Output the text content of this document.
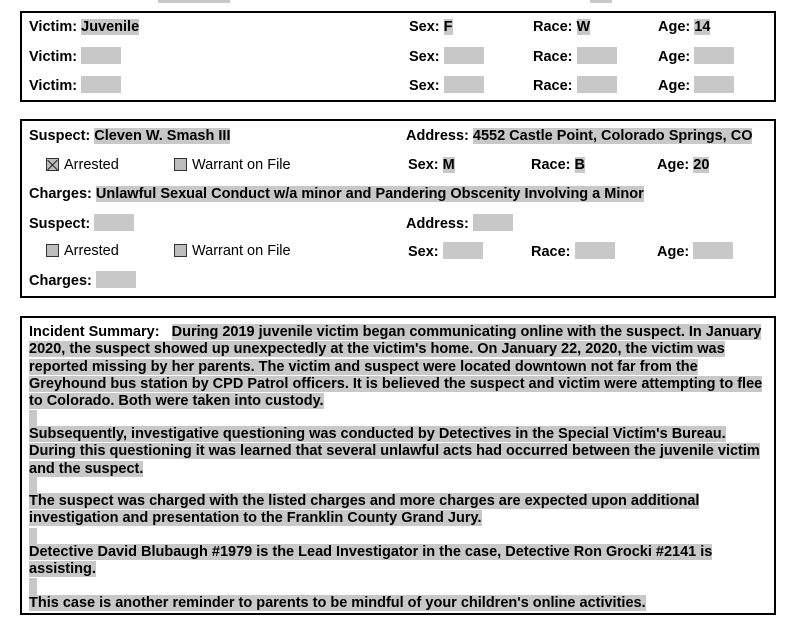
Victim: Juvenile	Sex: F	Race: W	Age: 14
Victim:	Sex:	Race:	Age:
Victim:	Sex:	Race:	Age:
Suspect: Cleven W. Smash III	Address: 4552 Castle Point, Colorado Springs, CO
Arrested	Warrant on File	Sex: M	Race: B	Age: 20
Charges: Unlawful Sexual Conduct w/a minor and Pandering Obscenity Involving a Minor
Suspect:	Address:
Arrested	Warrant on File	Sex:	Race:	Age:
Charges:
Incident Summary: During 2019 juvenile victim began communicating online with the suspect. In January 2020, the suspect showed up unexpectedly at the victim's home. On January 22, 2020, the victim was reported missing by her parents. The victim and suspect were located downtown not far from the Greyhound bus station by CPD Patrol officers. It is believed the suspect and victim were attempting to flee to Colorado. Both were taken into custody.
Subsequently, investigative questioning was conducted by Detectives in the Special Victim's Bureau. During this questioning it was learned that several unlawful acts had occurred between the juvenile victim and the suspect.
The suspect was charged with the listed charges and more charges are expected upon additional investigation and presentation to the Franklin County Grand Jury.
Detective David Blubaugh #1979 is the Lead Investigator in the case, Detective Ron Grocki #2141 is assisting.
This case is another reminder to parents to be mindful of your children's online activities.
